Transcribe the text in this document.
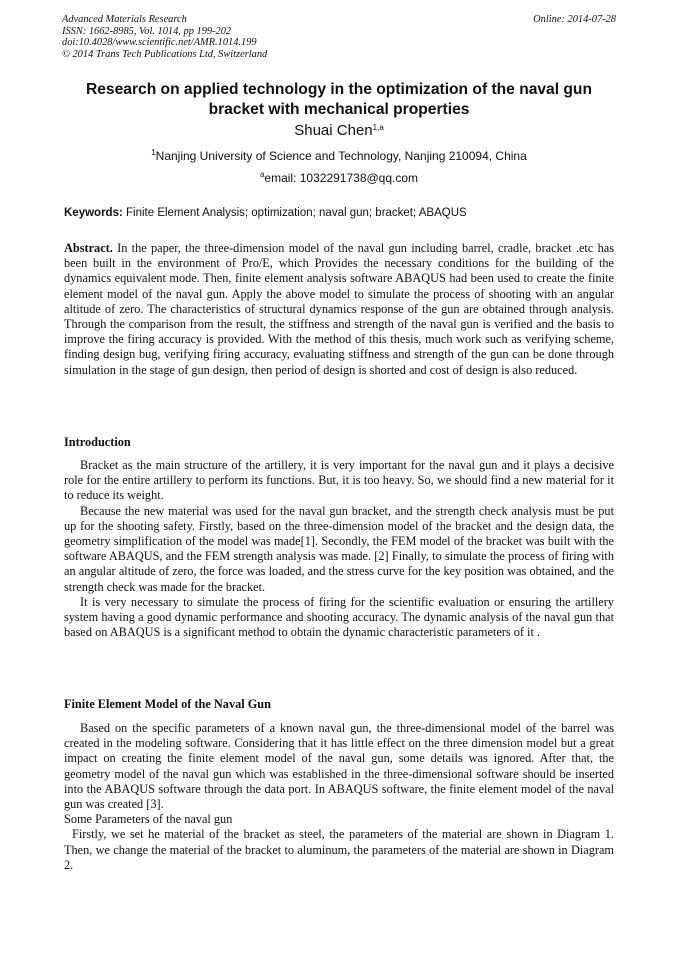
Advanced Materials Research
ISSN: 1662-8985, Vol. 1014, pp 199-202
doi:10.4028/www.scientific.net/AMR.1014.199
© 2014 Trans Tech Publications Ltd, Switzerland
Online: 2014-07-28
Research on applied technology in the optimization of the naval gun
bracket with mechanical properties
Shuai Chen$^{1,a}$
$^1$Nanjing University of Science and Technology, Nanjing 210094, China
$^a$email: 1032291738@qq.com
Keywords: Finite Element Analysis; optimization; naval gun; bracket; ABAQUS

Abstract. In the paper, the three-dimension model of the naval gun including barrel, cradle, bracket .etc has been built in the environment of Pro/E, which Provides the necessary conditions for the building of the dynamics equivalent mode. Then, finite element analysis software ABAQUS had been used to create the finite element model of the naval gun. Apply the above model to simulate the process of shooting with an angular altitude of zero. The characteristics of structural dynamics response of the gun are obtained through analysis. Through the comparison from the result, the stiffness and strength of the naval gun is verified and the basis to improve the firing accuracy is provided. With the method of this thesis, much work such as verifying scheme, finding design bug, verifying firing accuracy, evaluating stiffness and strength of the gun can be done through simulation in the stage of gun design, then period of design is shorted and cost of design is also reduced.

Introduction

Bracket as the main structure of the artillery, it is very important for the naval gun and it plays a decisive role for the entire artillery to perform its functions. But, it is too heavy. So, we should find a new material for it to reduce its weight.

Because the new material was used for the naval gun bracket, and the strength check analysis must be put up for the shooting safety. Firstly, based on the three-dimension model of the bracket and the design data, the geometry simplification of the model was made[1]. Secondly, the FEM model of the bracket was built with the software ABAQUS, and the FEM strength analysis was made. [2] Finally, to simulate the process of firing with an angular altitude of zero, the force was loaded, and the stress curve for the key position was obtained, and the strength check was made for the bracket.

It is very necessary to simulate the process of firing for the scientific evaluation or ensuring the artillery system having a good dynamic performance and shooting accuracy. The dynamic analysis of the naval gun that based on ABAQUS is a significant method to obtain the dynamic characteristic parameters of it .

Finite Element Model of the Naval Gun

Based on the specific parameters of a known naval gun, the three-dimensional model of the barrel was created in the modeling software. Considering that it has little effect on the three dimension model but a great impact on creating the finite element model of the naval gun, some details was ignored. After that, the geometry model of the naval gun which was established in the three-dimensional software should be inserted into the ABAQUS software through the data port. In ABAQUS software, the finite element model of the naval gun was created [3].

Some Parameters of the naval gun

Firstly, we set he material of the bracket as steel, the parameters of the material are shown in Diagram 1. Then, we change the material of the bracket to aluminum, the parameters of the material are shown in Diagram 2.
